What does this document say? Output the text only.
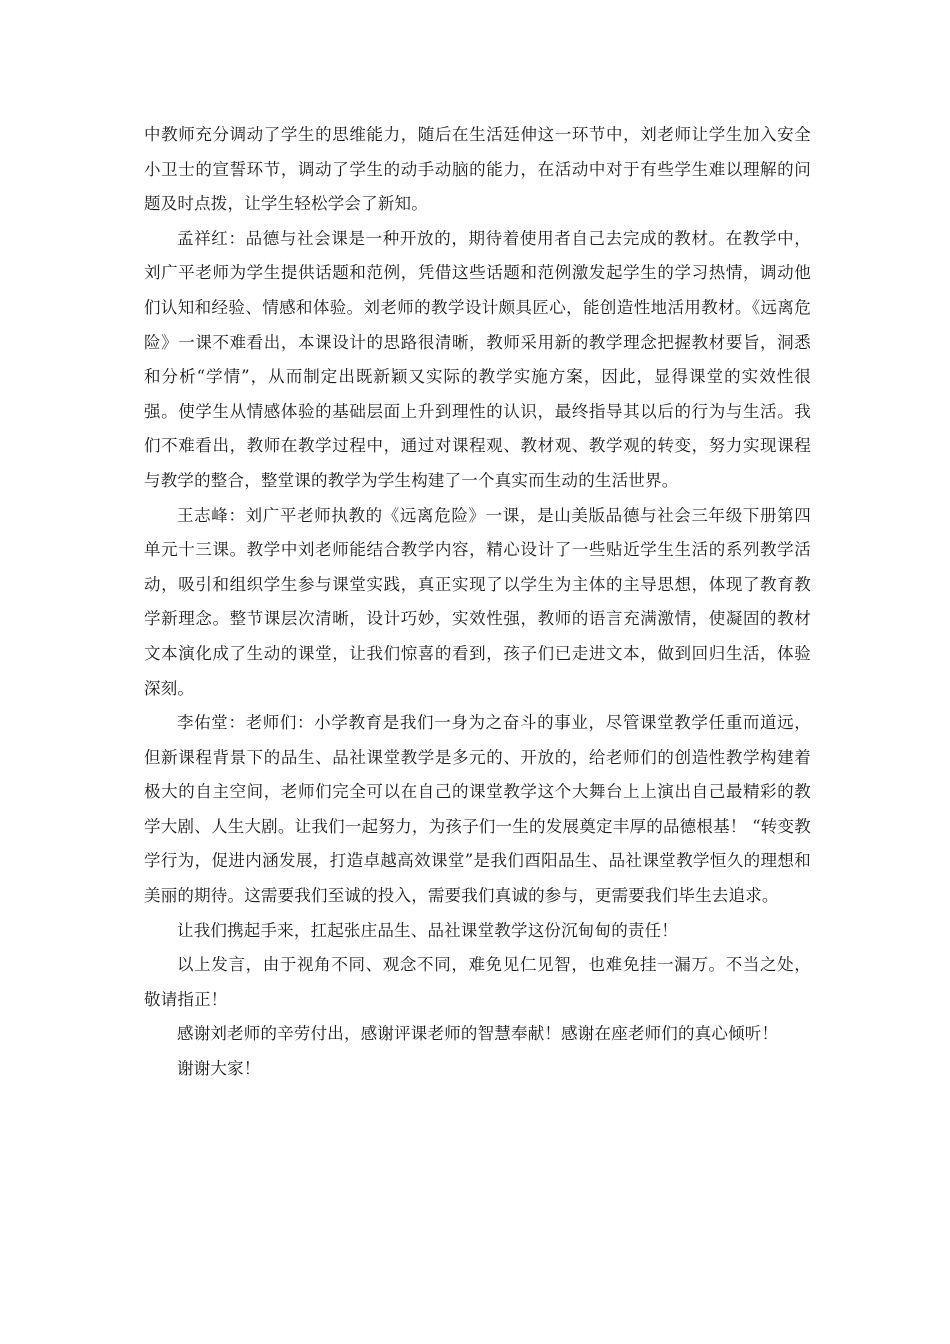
中教师充分调动了学生的思维能力，随后在生活廷伸这一环节中，刘老师让学生加入安全小卫士的宣誓环节，调动了学生的动手动脑的能力，在活动中对于有些学生难以理解的问题及时点拨，让学生轻松学会了新知。

孟祥红：品德与社会课是一种开放的，期待着使用者自己去完成的教材。在教学中，刘广平老师为学生提供话题和范例，凭借这些话题和范例激发起学生的学习热情，调动他们认知和经验、情感和体验。刘老师的教学设计颇具匠心，能创造性地活用教材。《远离危险》一课不难看出，本课设计的思路很清晰，教师采用新的教学理念把握教材要旨，洞悉和分析“学情”，从而制定出既新颖又实际的教学实施方案，因此，显得课堂的实效性很强。使学生从情感体验的基础层面上升到理性的认识，最终指导其以后的行为与生活。我们不难看出，教师在教学过程中，通过对课程观、教材观、教学观的转变，努力实现课程与教学的整合，整堂课的教学为学生构建了一个真实而生动的生活世界。

王志峰：刘广平老师执教的《远离危险》一课，是山美版品德与社会三年级下册第四单元十三课。教学中刘老师能结合教学内容，精心设计了一些贴近学生生活的系列教学活动，吸引和组织学生参与课堂实践，真正实现了以学生为主体的主导思想，体现了教育教学新理念。整节课层次清晰，设计巧妙，实效性强，教师的语言充满激情，使凝固的教材文本演化成了生动的课堂，让我们惊喜的看到，孩子们已走进文本，做到回归生活，体验深刻。

李佑堂：老师们：小学教育是我们一身为之奋斗的事业，尽管课堂教学任重而道远，但新课程背景下的品生、品社课堂教学是多元的、开放的，给老师们的创造性教学构建着极大的自主空间，老师们完全可以在自己的课堂教学这个大舞台上上演出自己最精彩的教学大剧、人生大剧。让我们一起努力，为孩子们一生的发展奠定丰厚的品德根基！ “转变教学行为，促进内涵发展，打造卓越高效课堂”是我们酉阳品生、品社课堂教学恒久的理想和美丽的期待。这需要我们至诚的投入，需要我们真诚的参与，更需要我们毕生去追求。

让我们携起手来，扛起张庄品生、品社课堂教学这份沉甸甸的责任！

以上发言，由于视角不同、观念不同，难免见仁见智，也难免挂一漏万。不当之处，敬请指正！

感谢刘老师的辛劳付出，感谢评课老师的智慧奉献！感谢在座老师们的真心倾听！

谢谢大家！
